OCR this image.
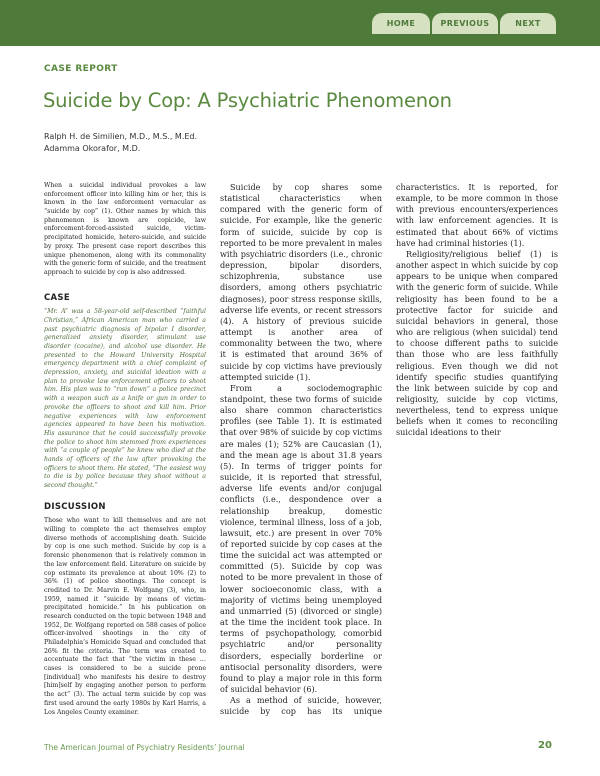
HOME	PREVIOUS	NEXT
CASE REPORT
Suicide by Cop: A Psychiatric Phenomenon
Ralph H. de Similien, M.D., M.S., M.Ed.
Adamma Okorafor, M.D.

When a suicidal individual provokes a law enforcement officer into killing him or her, this is known in the law enforcement vernacular as “suicide by cop” (1). Other names by which this phenomenon is known are copicide, law enforcement-forced-assisted suicide, victim-precipitated homicide, hetero-suicide, and suicide by proxy. The present case report describes this unique phenomenon, along with its commonality with the generic form of suicide, and the treatment approach to suicide by cop is also addressed.

CASE

“Mr. A” was a 58-year-old self-described “faithful Christian,” African American man who carried a past psychiatric diagnosis of bipolar I disorder, generalized anxiety disorder, stimulant use disorder (cocaine), and alcohol use disorder. He presented to the Howard University Hospital emergency department with a chief complaint of depression, anxiety, and suicidal ideation with a plan to provoke law enforcement officers to shoot him. His plan was to “run down” a police precinct with a weapon such as a knife or gun in order to provoke the officers to shoot and kill him. Prior negative experiences with law enforcement agencies appeared to have been his motivation. His assurance that he could successfully provoke the police to shoot him stemmed from experiences with “a couple of people” he knew who died at the hands of officers of the law after provoking the officers to shoot them. He stated, “The easiest way to die is by police because they shoot without a second thought.”

DISCUSSION

Those who want to kill themselves and are not willing to complete the act themselves employ diverse methods of accomplishing death. Suicide by cop is one such method. Suicide by cop is a forensic phenomenon that is relatively common in the law enforcement field. Literature on suicide by cop estimate its prevalence at about 10% (2) to 36% (1) of police shootings. The concept is credited to Dr. Marvin E. Wolfgang (3), who, in 1959, named it “suicide by means of victim-precipitated homicide.” In his publication on research conducted on the topic between 1948 and 1952, Dr. Wolfgang reported on 588 cases of police officer-involved shootings in the city of Philadelphia’s Homicide Squad and concluded that 26% fit the criteria. The term was created to accentuate the fact that “the victim in these … cases is considered to be a suicide prone [individual] who manifests his desire to destroy [him]self by engaging another person to perform the act” (3). The actual term suicide by cop was first used around the early 1980s by Karl Harris, a Los Angeles County examiner.

Suicide by cop shares some statistical characteristics when compared with the generic form of suicide. For example, like the generic form of suicide, suicide by cop is reported to be more prevalent in males with psychiatric disorders (i.e., chronic depression, bipolar disorders, schizophrenia, substance use disorders, among others psychiatric diagnoses), poor stress response skills, adverse life events, or recent stressors (4). A history of previous suicide attempt is another area of commonality between the two, where it is estimated that around 36% of suicide by cop victims have previously attempted suicide (1).

From a sociodemographic standpoint, these two forms of suicide also share common characteristics profiles (see Table 1). It is estimated that over 98% of suicide by cop victims are males (1); 52% are Caucasian (1), and the mean age is about 31.8 years (5). In terms of trigger points for suicide, it is reported that stressful, adverse life events and/or conjugal conflicts (i.e., despondence over a relationship breakup, domestic violence, terminal illness, loss of a job, lawsuit, etc.) are present in over 70% of reported suicide by cop cases at the time the suicidal act was attempted or committed (5). Suicide by cop was noted to be more prevalent in those of lower socioeconomic class, with a majority of victims being unemployed and unmarried (5) (divorced or single) at the time the incident took place. In terms of psychopathology, comorbid psychiatric and/or personality disorders, especially borderline or antisocial personality disorders, were found to play a major role in this form of suicidal behavior (6).

As a method of suicide, however, suicide by cop has its unique

characteristics. It is reported, for example, to be more common in those with previous encounters/experiences with law enforcement agencies. It is estimated that about 66% of victims have had criminal histories (1).

Religiosity/religious belief (1) is another aspect in which suicide by cop appears to be unique when compared with the generic form of suicide. While religiosity has been found to be a protective factor for suicide and suicidal behaviors in general, those who are religious (when suicidal) tend to choose different paths to suicide than those who are less faithfully religious. Even though we did not identify specific studies quantifying the link between suicide by cop and religiosity, suicide by cop victims, nevertheless, tend to express unique beliefs when it comes to reconciling suicidal ideations to their

The American Journal of Psychiatry Residents’ Journal	20
